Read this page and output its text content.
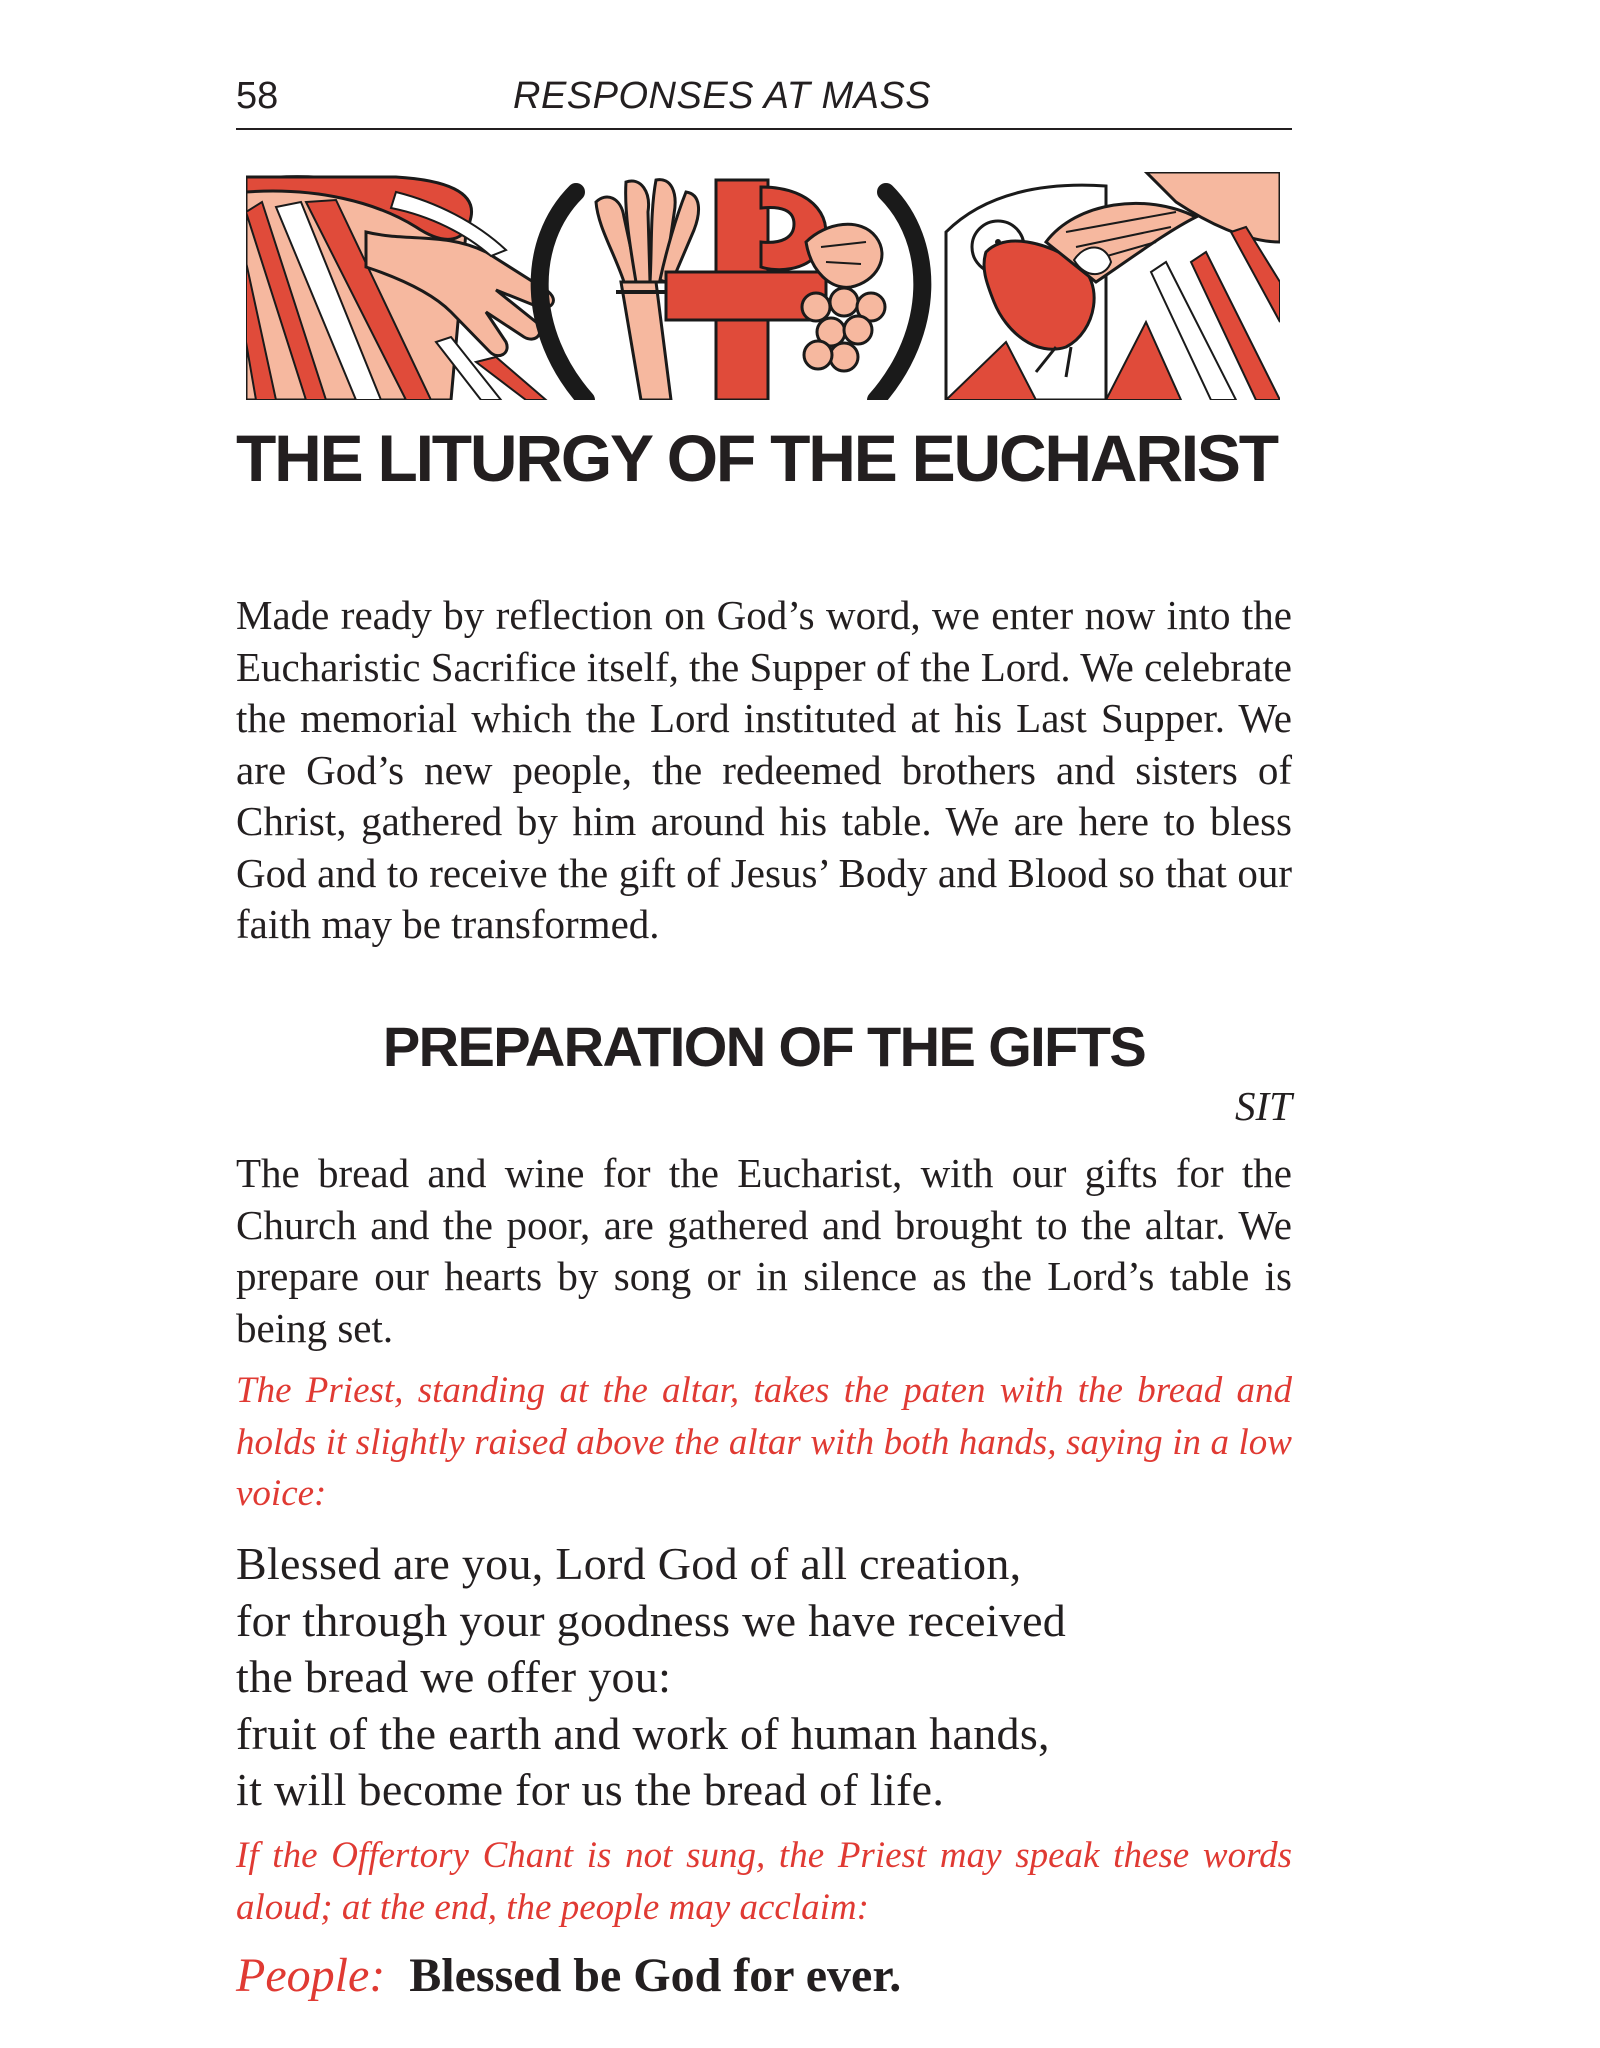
58	RESPONSES AT MASS
THE LITURGY OF THE EUCHARIST

Made ready by reflection on God’s word, we enter now into the Eucharistic Sacrifice itself, the Supper of the Lord. We celebrate the memorial which the Lord instituted at his Last Supper. We are God’s new people, the redeemed brothers and sisters of Christ, gathered by him around his table. We are here to bless God and to receive the gift of Jesus’ Body and Blood so that our faith may be transformed.

PREPARATION OF THE GIFTS
SIT

The bread and wine for the Eucharist, with our gifts for the Church and the poor, are gathered and brought to the altar. We prepare our hearts by song or in silence as the Lord’s table is being set.

The Priest, standing at the altar, takes the paten with the bread and holds it slightly raised above the altar with both hands, saying in a low voice:

Blessed are you, Lord God of all creation,
for through your goodness we have received
the bread we offer you:
fruit of the earth and work of human hands,
it will become for us the bread of life.

If the Offertory Chant is not sung, the Priest may speak these words aloud; at the end, the people may acclaim:

People: Blessed be God for ever.
